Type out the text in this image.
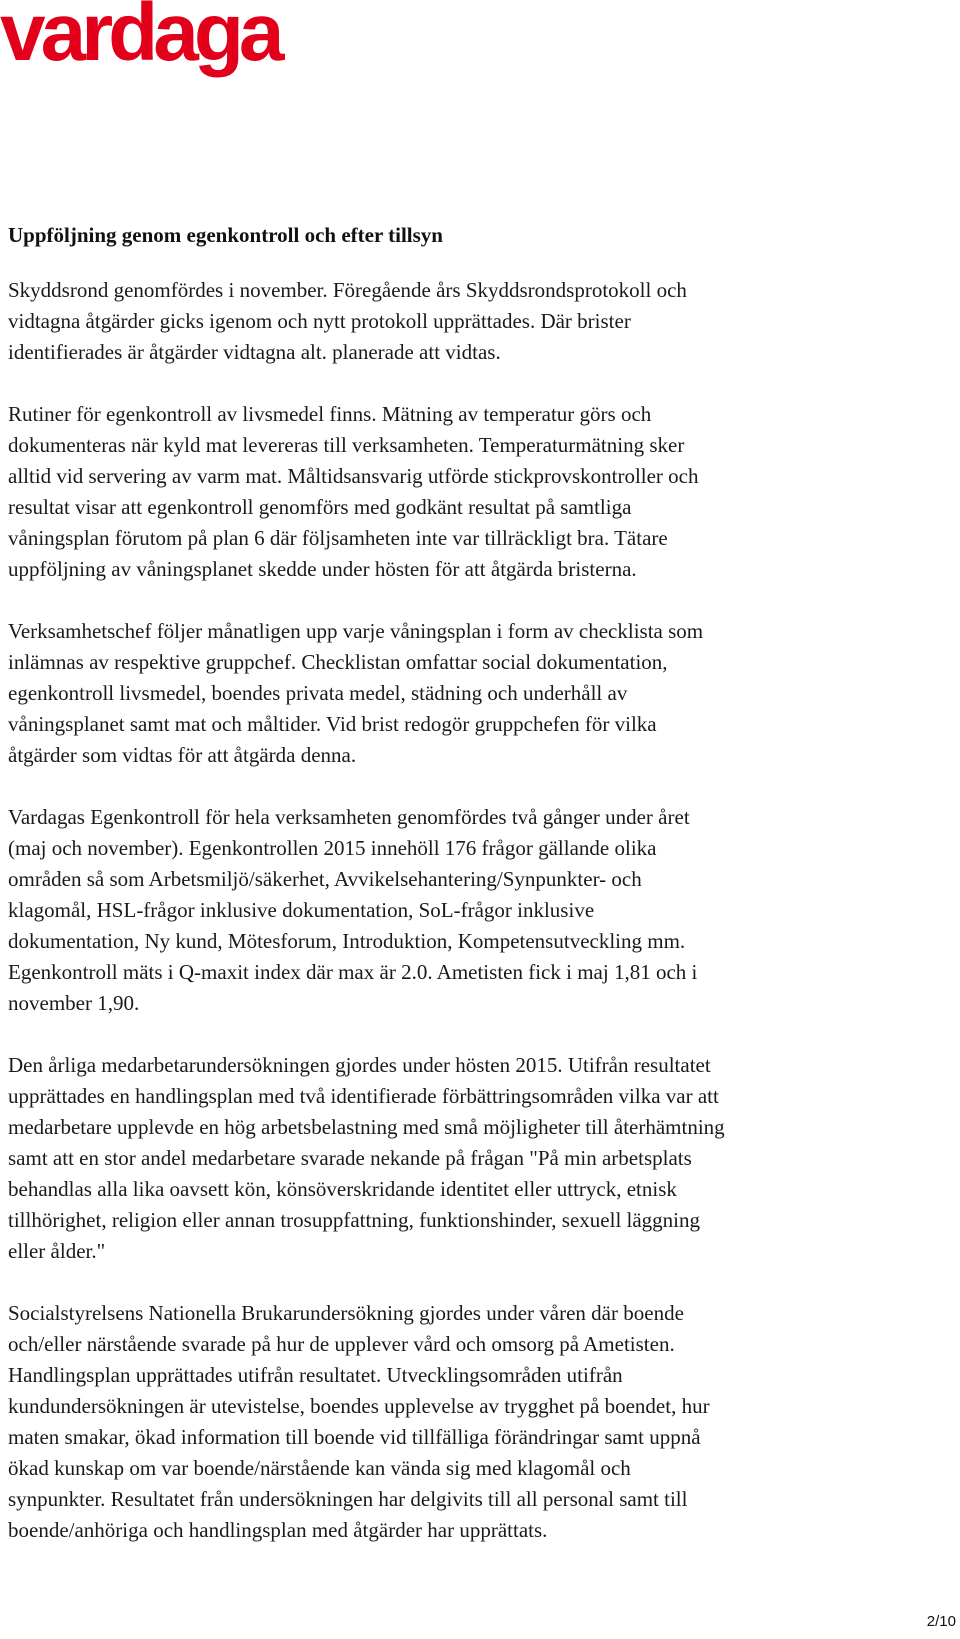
vardaga
Uppföljning genom egenkontroll och efter tillsyn
Skyddsrond genomfördes i november. Föregående års Skyddsrondsprotokoll och
vidtagna åtgärder gicks igenom och nytt protokoll upprättades. Där brister
identifierades är åtgärder vidtagna alt. planerade att vidtas.
Rutiner för egenkontroll av livsmedel finns. Mätning av temperatur görs och
dokumenteras när kyld mat levereras till verksamheten. Temperaturmätning sker
alltid vid servering av varm mat. Måltidsansvarig utförde stickprovskontroller och
resultat visar att egenkontroll genomförs med godkänt resultat på samtliga
våningsplan förutom på plan 6 där följsamheten inte var tillräckligt bra. Tätare
uppföljning av våningsplanet skedde under hösten för att åtgärda bristerna.
Verksamhetschef följer månatligen upp varje våningsplan i form av checklista som
inlämnas av respektive gruppchef. Checklistan omfattar social dokumentation,
egenkontroll livsmedel, boendes privata medel, städning och underhåll av
våningsplanet samt mat och måltider. Vid brist redogör gruppchefen för vilka
åtgärder som vidtas för att åtgärda denna.
Vardagas Egenkontroll för hela verksamheten genomfördes två gånger under året
(maj och november). Egenkontrollen 2015 innehöll 176 frågor gällande olika
områden så som Arbetsmiljö/säkerhet, Avvikelsehantering/Synpunkter- och
klagomål, HSL-frågor inklusive dokumentation, SoL-frågor inklusive
dokumentation, Ny kund, Mötesforum, Introduktion, Kompetensutveckling mm.
Egenkontroll mäts i Q-maxit index där max är 2.0. Ametisten fick i maj 1,81 och i
november 1,90.
Den årliga medarbetarundersökningen gjordes under hösten 2015. Utifrån resultatet
upprättades en handlingsplan med två identifierade förbättringsområden vilka var att
medarbetare upplevde en hög arbetsbelastning med små möjligheter till återhämtning
samt att en stor andel medarbetare svarade nekande på frågan "På min arbetsplats
behandlas alla lika oavsett kön, könsöverskridande identitet eller uttryck, etnisk
tillhörighet, religion eller annan trosuppfattning, funktionshinder, sexuell läggning
eller ålder."
Socialstyrelsens Nationella Brukarundersökning gjordes under våren där boende
och/eller närstående svarade på hur de upplever vård och omsorg på Ametisten.
Handlingsplan upprättades utifrån resultatet. Utvecklingsområden utifrån
kundundersökningen är utevistelse, boendes upplevelse av trygghet på boendet, hur
maten smakar, ökad information till boende vid tillfälliga förändringar samt uppnå
ökad kunskap om var boende/närstående kan vända sig med klagomål och
synpunkter. Resultatet från undersökningen har delgivits till all personal samt till
boende/anhöriga och handlingsplan med åtgärder har upprättats.
2/10
